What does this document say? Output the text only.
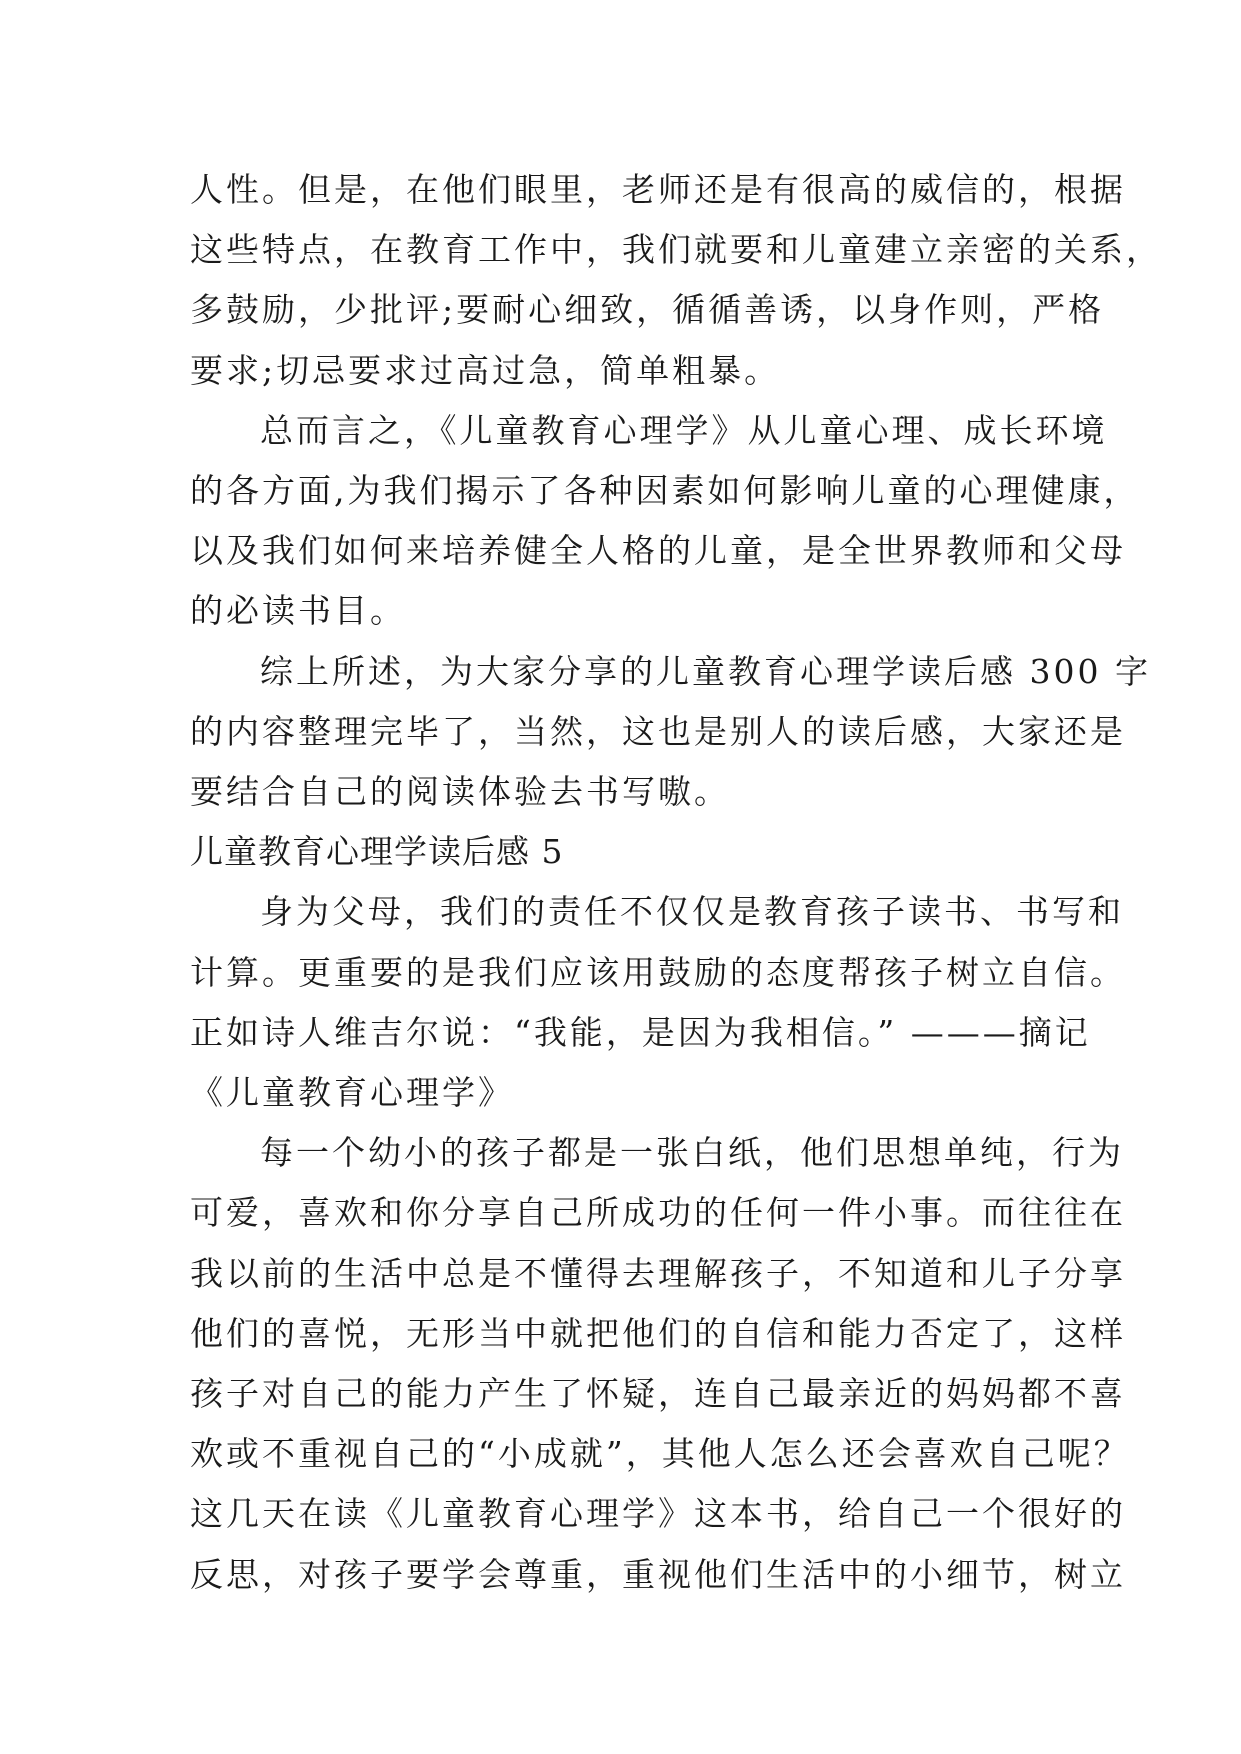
人性。但是，在他们眼里，老师还是有很高的威信的，根据
这些特点，在教育工作中，我们就要和儿童建立亲密的关系，
多鼓励，少批评;要耐心细致，循循善诱，以身作则，严格
要求;切忌要求过高过急，简单粗暴。
总而言之，《儿童教育心理学》从儿童心理、成长环境
的各方面,为我们揭示了各种因素如何影响儿童的心理健康，
以及我们如何来培养健全人格的儿童，是全世界教师和父母
的必读书目。
综上所述，为大家分享的儿童教育心理学读后感 300 字
的内容整理完毕了，当然，这也是别人的读后感，大家还是
要结合自己的阅读体验去书写嗷。
儿童教育心理学读后感 5
身为父母，我们的责任不仅仅是教育孩子读书、书写和
计算。更重要的是我们应该用鼓励的态度帮孩子树立自信。
正如诗人维吉尔说：“我能，是因为我相信。” ———摘记
《儿童教育心理学》
每一个幼小的孩子都是一张白纸，他们思想单纯，行为
可爱，喜欢和你分享自己所成功的任何一件小事。而往往在
我以前的生活中总是不懂得去理解孩子，不知道和儿子分享
他们的喜悦，无形当中就把他们的自信和能力否定了，这样
孩子对自己的能力产生了怀疑，连自己最亲近的妈妈都不喜
欢或不重视自己的“小成就”，其他人怎么还会喜欢自己呢？
这几天在读《儿童教育心理学》这本书，给自己一个很好的
反思，对孩子要学会尊重，重视他们生活中的小细节，树立
